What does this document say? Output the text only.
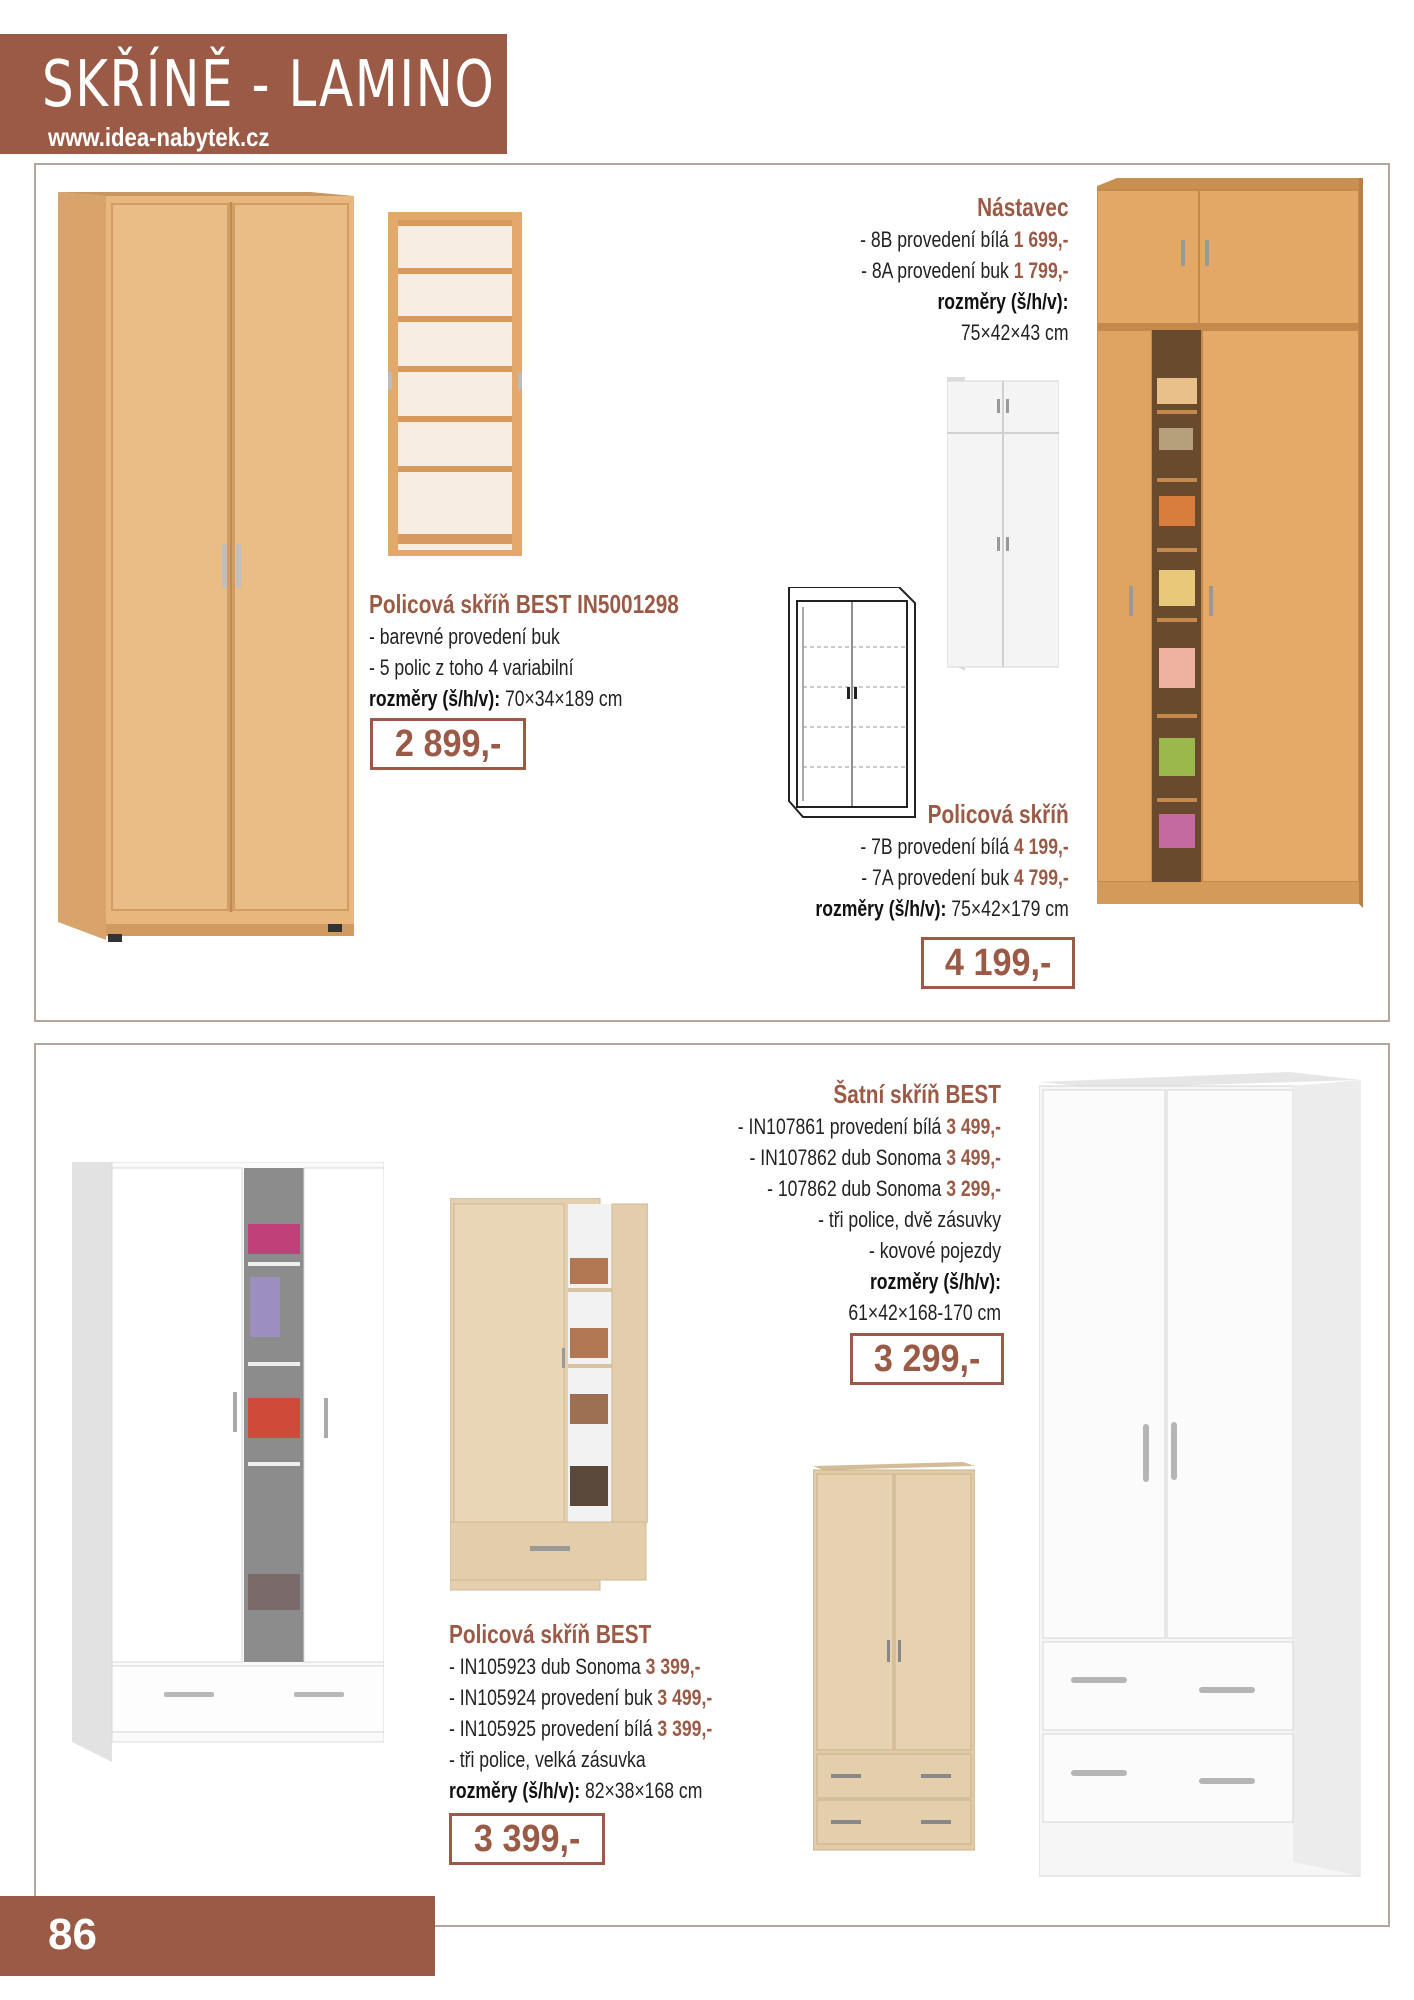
SKŘÍNĚ - LAMINO
www.idea-nabytek.cz
Policová skříň BEST IN5001298
- barevné provedení buk
- 5 polic z toho 4 variabilní
rozměry (š/h/v): 70×34×189 cm
2 899,-
Nástavec
- 8B provedení bílá 1 699,-
- 8A provedení buk 1 799,-
rozměry (š/h/v):
75×42×43 cm
Policová skříň
- 7B provedení bílá 4 199,-
- 7A provedení buk 4 799,-
rozměry (š/h/v): 75×42×179 cm
4 199,-
Policová skříň BEST
- IN105923 dub Sonoma 3 399,-
- IN105924 provedení buk 3 499,-
- IN105925 provedení bílá 3 399,-
- tři police, velká zásuvka
rozměry (š/h/v): 82×38×168 cm
3 399,-
Šatní skříň BEST
- IN107861 provedení bílá 3 499,-
- IN107862 dub Sonoma 3 499,-
- 107862 dub Sonoma 3 299,-
- tři police, dvě zásuvky
- kovové pojezdy
rozměry (š/h/v):
61×42×168-170 cm
3 299,-
86
